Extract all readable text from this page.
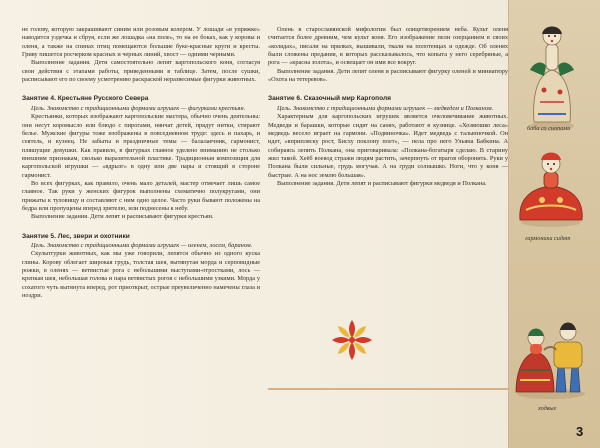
не голову, которую закрашивают синим или розовым колером. У лошади «в упряжке» наводится уздечка и сбруя, если же лошадка «на поле», то на ее боках, как у коровы и оленя, а также на спинах птиц помещаются большие букe-красные круги и кресты. Гриву пишется росчерком красных и черных линий, хвост — одними черными.

Выполнение задания. Дети самостоятельно лепят каргопольского коня, согласуя свои действия с этапами работы, приведенными в таблице. Затем, после сушки, расписывают его по своему усмотрению раскраской неразвесимые фигурки животных.

Занятие 4. Крестьяне Русского Севера

Цель. Знакомство с традиционными формами игрушек — фигурками крестьян.

Крестьянки, которых изображают каргопольские мастера, обычно очень деятельны: они несут коромысло или блюдо с пирогами, нянчат детей, прядут нитки, стирают белье. Мужские фигуры тоже изображены в повседневном труде: здесь и пахарь, и сеятель, и кузнец. Не забыты и праздничные темы — балалаечник, гармонист, пляшущие девушки. Как правило, в фигурках главное уделено вниманию не столько внешним признакам, сколько выразительной пластике. Традиционная композиция для каргопольской игрушки — «вдрызг» в одну или две пары и стоящий в стороне гармонист.

Во всех фигурках, как правило, очень мало деталей, мастер отмечает лишь самое главное. Так руки у женских фигурок выполнены схематично полукругами, они прижаты к туловищу и составляют с ним одно целое. Часто руки бывают положены на бедра или пропущены вперед зрителю, или поднесены к небу.

Выполнение задания. Дети лепят и расписывают фигурки крестьян.

Занятие 5. Лес, звери и охотники

Цель. Знакомство с традиционными формами игрушек — оленем, лосем, бараном.

Скульптурки животных, как мы уже говорили, лепятся обычно из одного куска глины. Корову облегает широкая грудь, толстая шея, вытянутая морда и серповидные рожки, в оленях — ветвистые рога с небольшими выступами-отростками, лось — крепкая шея, небольшая голова и пара ветвистых рогов с небольшими узкими. Морда у сохатого чуть вытянута вперед, рот приоткрыт, острые преувеличенно намечены глаза и ноздри.

Олень в старославянской мифологии был олицетворением неба. Культ оленя считается более древним, чем культ коня. Его изображение пели озерцанием в своих «колядах», писали на прялках, вышивали, ткали на полотенцах и одежде. Об оленях были сложены предания, в которых рассказывалось, что копыта у него серебряные, а рога — «красна золота», и освещает он ими все вокруг.

Выполнение задания. Дети лепят оленя и расписывают фигурку оленей и миниатюру «Охота на тетеревов».

Занятие 6. Сказочный мир Каргополя

Цель. Знакомство с традиционными формами игрушек — медведем и Полканом.

Характерным для каргопольских игрушек является очеловечивание животных. Медведи и барашки, которые сидят на санях, работают в кузнице. «Хозяюшко леса» медведь весело играет на гармони. «Подвиночка». Идет медведь с талынночкой. Он идет, «вприпляску рост, Бисху поклону поет», — пела про него Ульяна Бабкина. А собираясь лепить Полкана, она приговаривала: «Полкана-богатыря сделаю. В старину жил такой. Хеёб воевод стражи людям растить, зачерпнуть от врагов оборонить. Руки у Полкана были сильные, грудь могучая. А на груди солнышко. Ноги, что у коня — быстрые. А на нос землю большая».

Выполнение задания. Дети лепят и расписывают фигурки медведя и Полкана.

баба со снопами
гармоники сидят
ходвые
3
